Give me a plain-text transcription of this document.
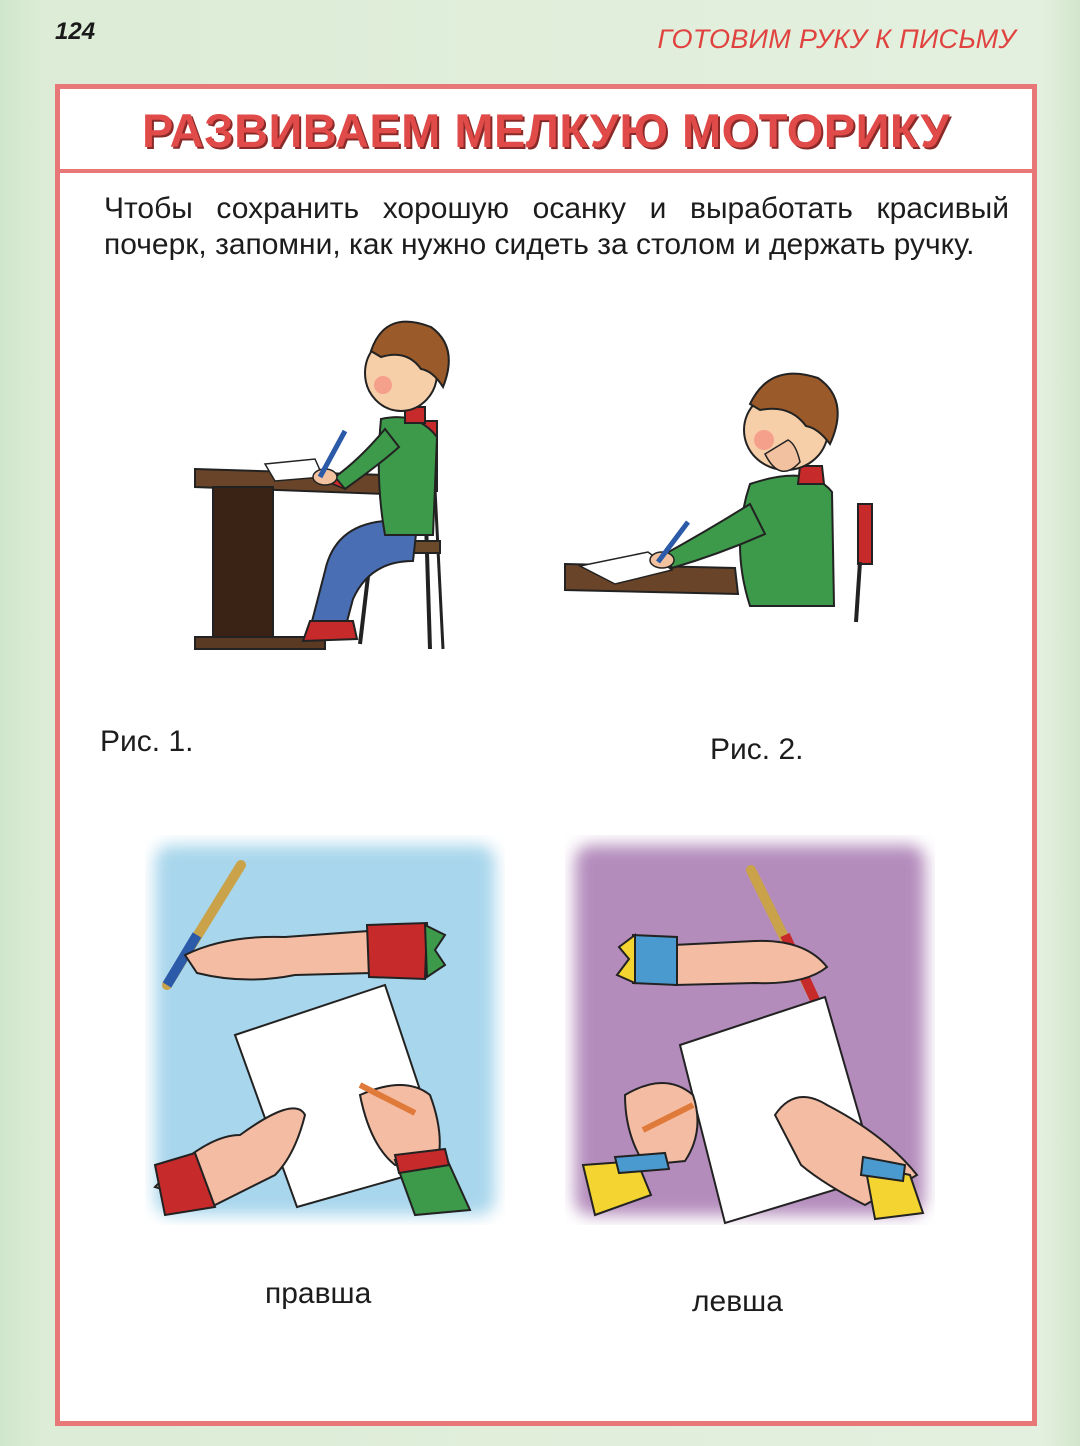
124	ГОТОВИМ РУКУ К ПИСЬМУ
РАЗВИВАЕМ МЕЛКУЮ МОТОРИКУ
Чтобы сохранить хорошую осанку и выработать красивый почерк, запомни, как нужно сидеть за столом и держать ручку.
Рис. 1.	Рис. 2.
правша	левша
